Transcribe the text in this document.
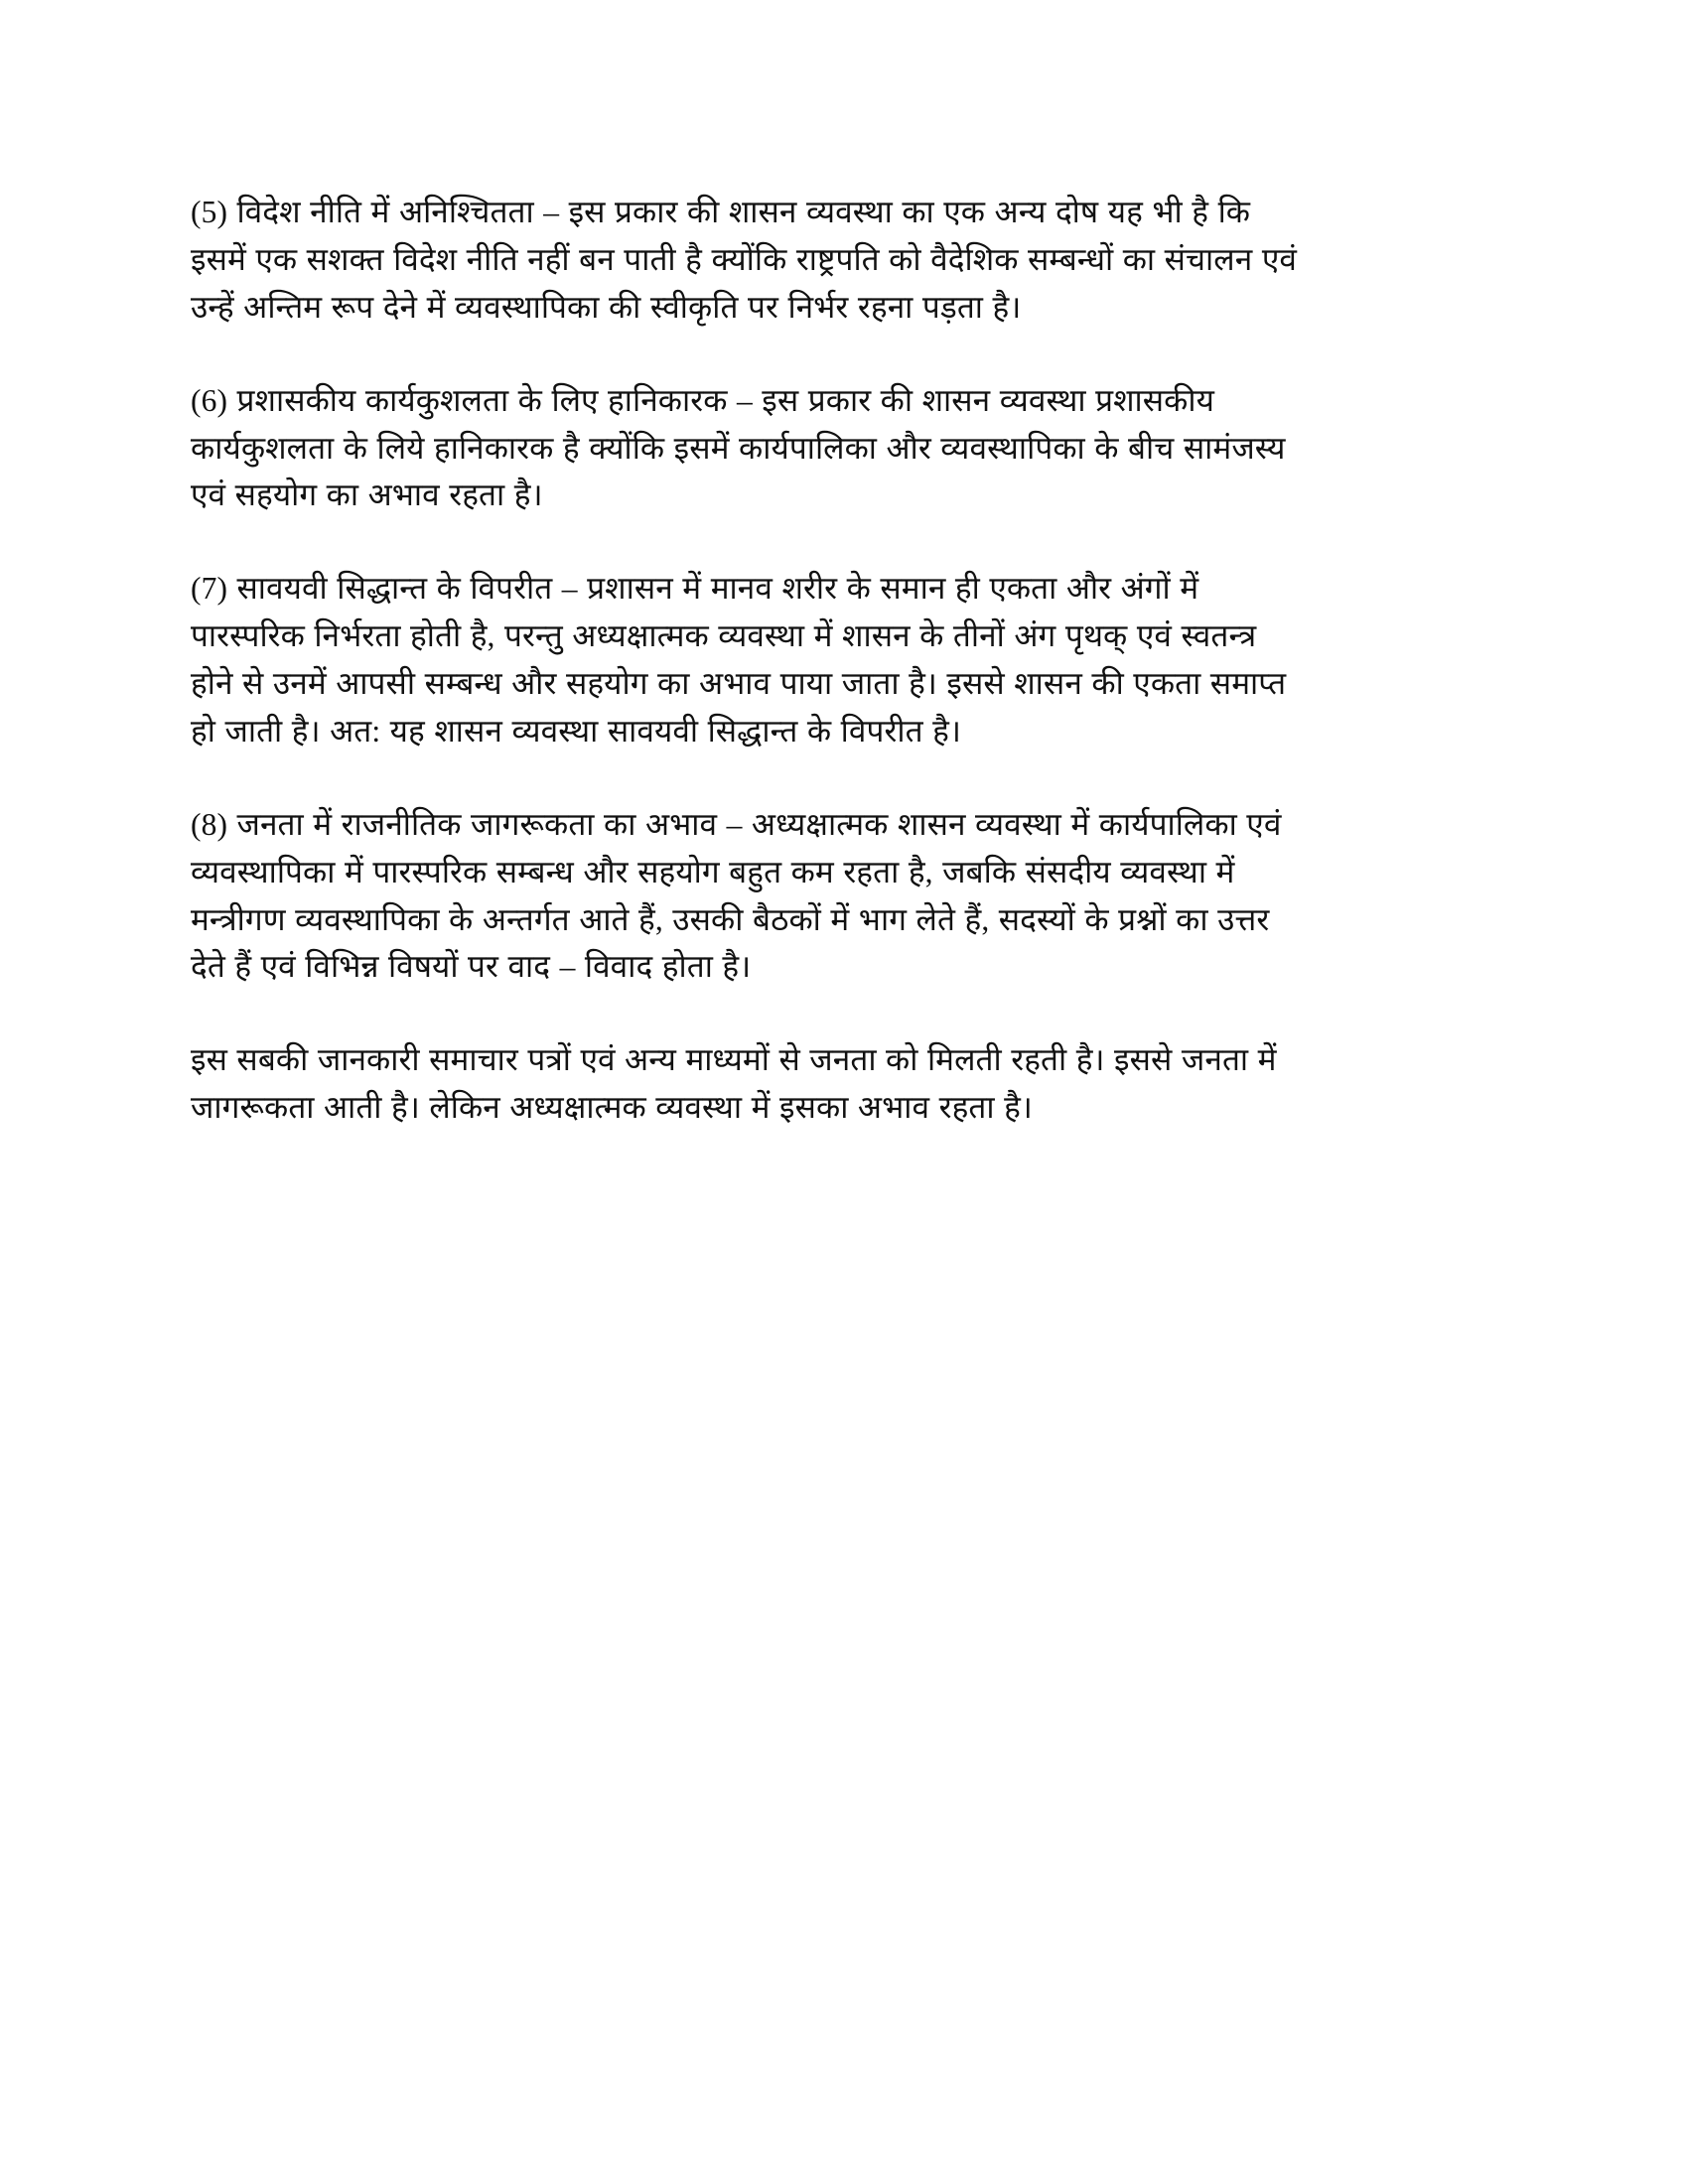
(5) विदेश नीति में अनिश्चितता – इस प्रकार की शासन व्यवस्था का एक अन्य दोष यह भी है कि इसमें एक सशक्त विदेश नीति नहीं बन पाती है क्योंकि राष्ट्रपति को वैदेशिक सम्बन्धों का संचालन एवं उन्हें अन्तिम रूप देने में व्यवस्थापिका की स्वीकृति पर निर्भर रहना पड़ता है।

(6) प्रशासकीय कार्यकुशलता के लिए हानिकारक – इस प्रकार की शासन व्यवस्था प्रशासकीय कार्यकुशलता के लिये हानिकारक है क्योंकि इसमें कार्यपालिका और व्यवस्थापिका के बीच सामंजस्य एवं सहयोग का अभाव रहता है।

(7) सावयवी सिद्धान्त के विपरीत – प्रशासन में मानव शरीर के समान ही एकता और अंगों में पारस्परिक निर्भरता होती है, परन्तु अध्यक्षात्मक व्यवस्था में शासन के तीनों अंग पृथक् एवं स्वतन्त्र होने से उनमें आपसी सम्बन्ध और सहयोग का अभाव पाया जाता है। इससे शासन की एकता समाप्त हो जाती है। अत: यह शासन व्यवस्था सावयवी सिद्धान्त के विपरीत है।

(8) जनता में राजनीतिक जागरूकता का अभाव – अध्यक्षात्मक शासन व्यवस्था में कार्यपालिका एवं व्यवस्थापिका में पारस्परिक सम्बन्ध और सहयोग बहुत कम रहता है, जबकि संसदीय व्यवस्था में मन्त्रीगण व्यवस्थापिका के अन्तर्गत आते हैं, उसकी बैठकों में भाग लेते हैं, सदस्यों के प्रश्नों का उत्तर देते हैं एवं विभिन्न विषयों पर वाद – विवाद होता है।

इस सबकी जानकारी समाचार पत्रों एवं अन्य माध्यमों से जनता को मिलती रहती है। इससे जनता में जागरूकता आती है। लेकिन अध्यक्षात्मक व्यवस्था में इसका अभाव रहता है।
